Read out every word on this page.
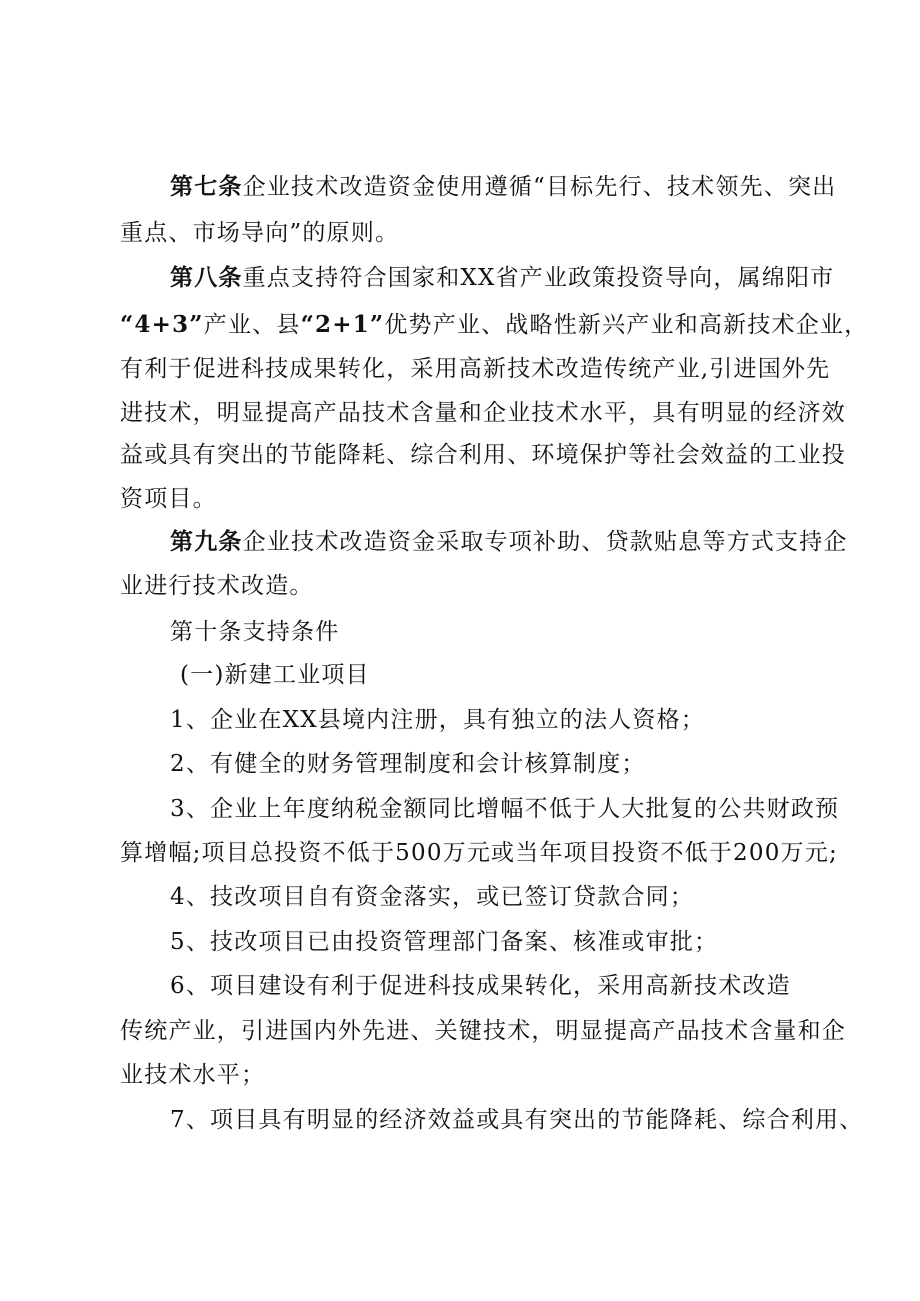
第七条企业技术改造资金使用遵循“目标先行、技术领先、突出
重点、市场导向”的原则。
第八条重点支持符合国家和XX省产业政策投资导向，属绵阳市
“4+3”产业、县“2+1”优势产业、战略性新兴产业和高新技术企业，
有利于促进科技成果转化，采用高新技术改造传统产业,引进国外先
进技术，明显提高产品技术含量和企业技术水平，具有明显的经济效
益或具有突出的节能降耗、综合利用、环境保护等社会效益的工业投
资项目。
第九条企业技术改造资金采取专项补助、贷款贴息等方式支持企
业进行技术改造。
第十条支持条件
(一)新建工业项目
1、企业在XX县境内注册，具有独立的法人资格；
2、有健全的财务管理制度和会计核算制度；
3、企业上年度纳税金额同比增幅不低于人大批复的公共财政预
算增幅;项目总投资不低于500万元或当年项目投资不低于200万元;
4、技改项目自有资金落实，或已签订贷款合同；
5、技改项目已由投资管理部门备案、核准或审批；
6、项目建设有利于促进科技成果转化，采用高新技术改造
传统产业，引进国内外先进、关键技术，明显提高产品技术含量和企
业技术水平；
7、项目具有明显的经济效益或具有突出的节能降耗、综合利用、
